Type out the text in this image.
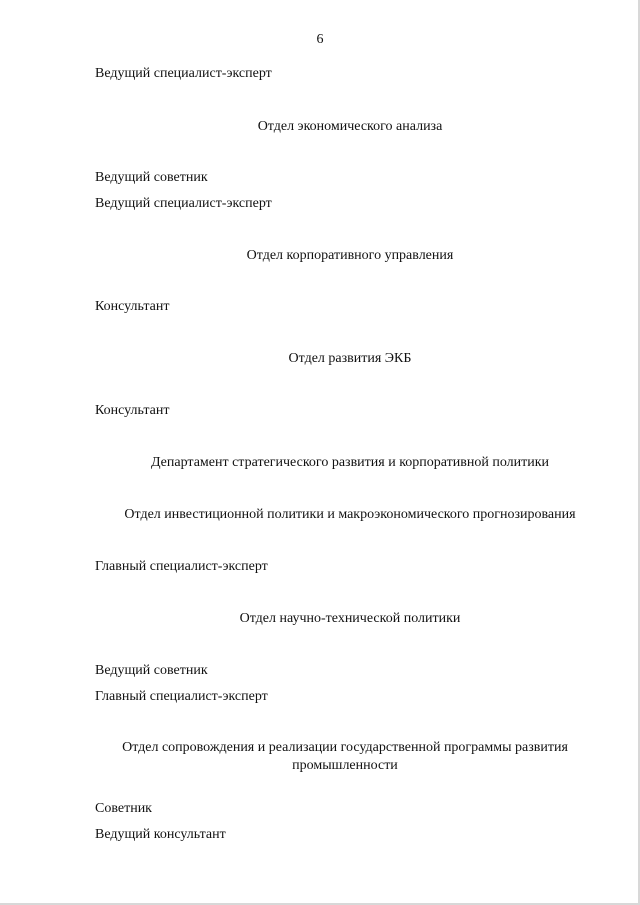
6
Ведущий специалист-эксперт
Отдел экономического анализа
Ведущий советник
Ведущий специалист-эксперт
Отдел корпоративного управления
Консультант
Отдел развития ЭКБ
Консультант
Департамент стратегического развития и корпоративной политики
Отдел инвестиционной политики и макроэкономического прогнозирования
Главный специалист-эксперт
Отдел научно-технической политики
Ведущий советник
Главный специалист-эксперт
Отдел сопровождения и реализации государственной программы развития
промышленности
Советник
Ведущий консультант
